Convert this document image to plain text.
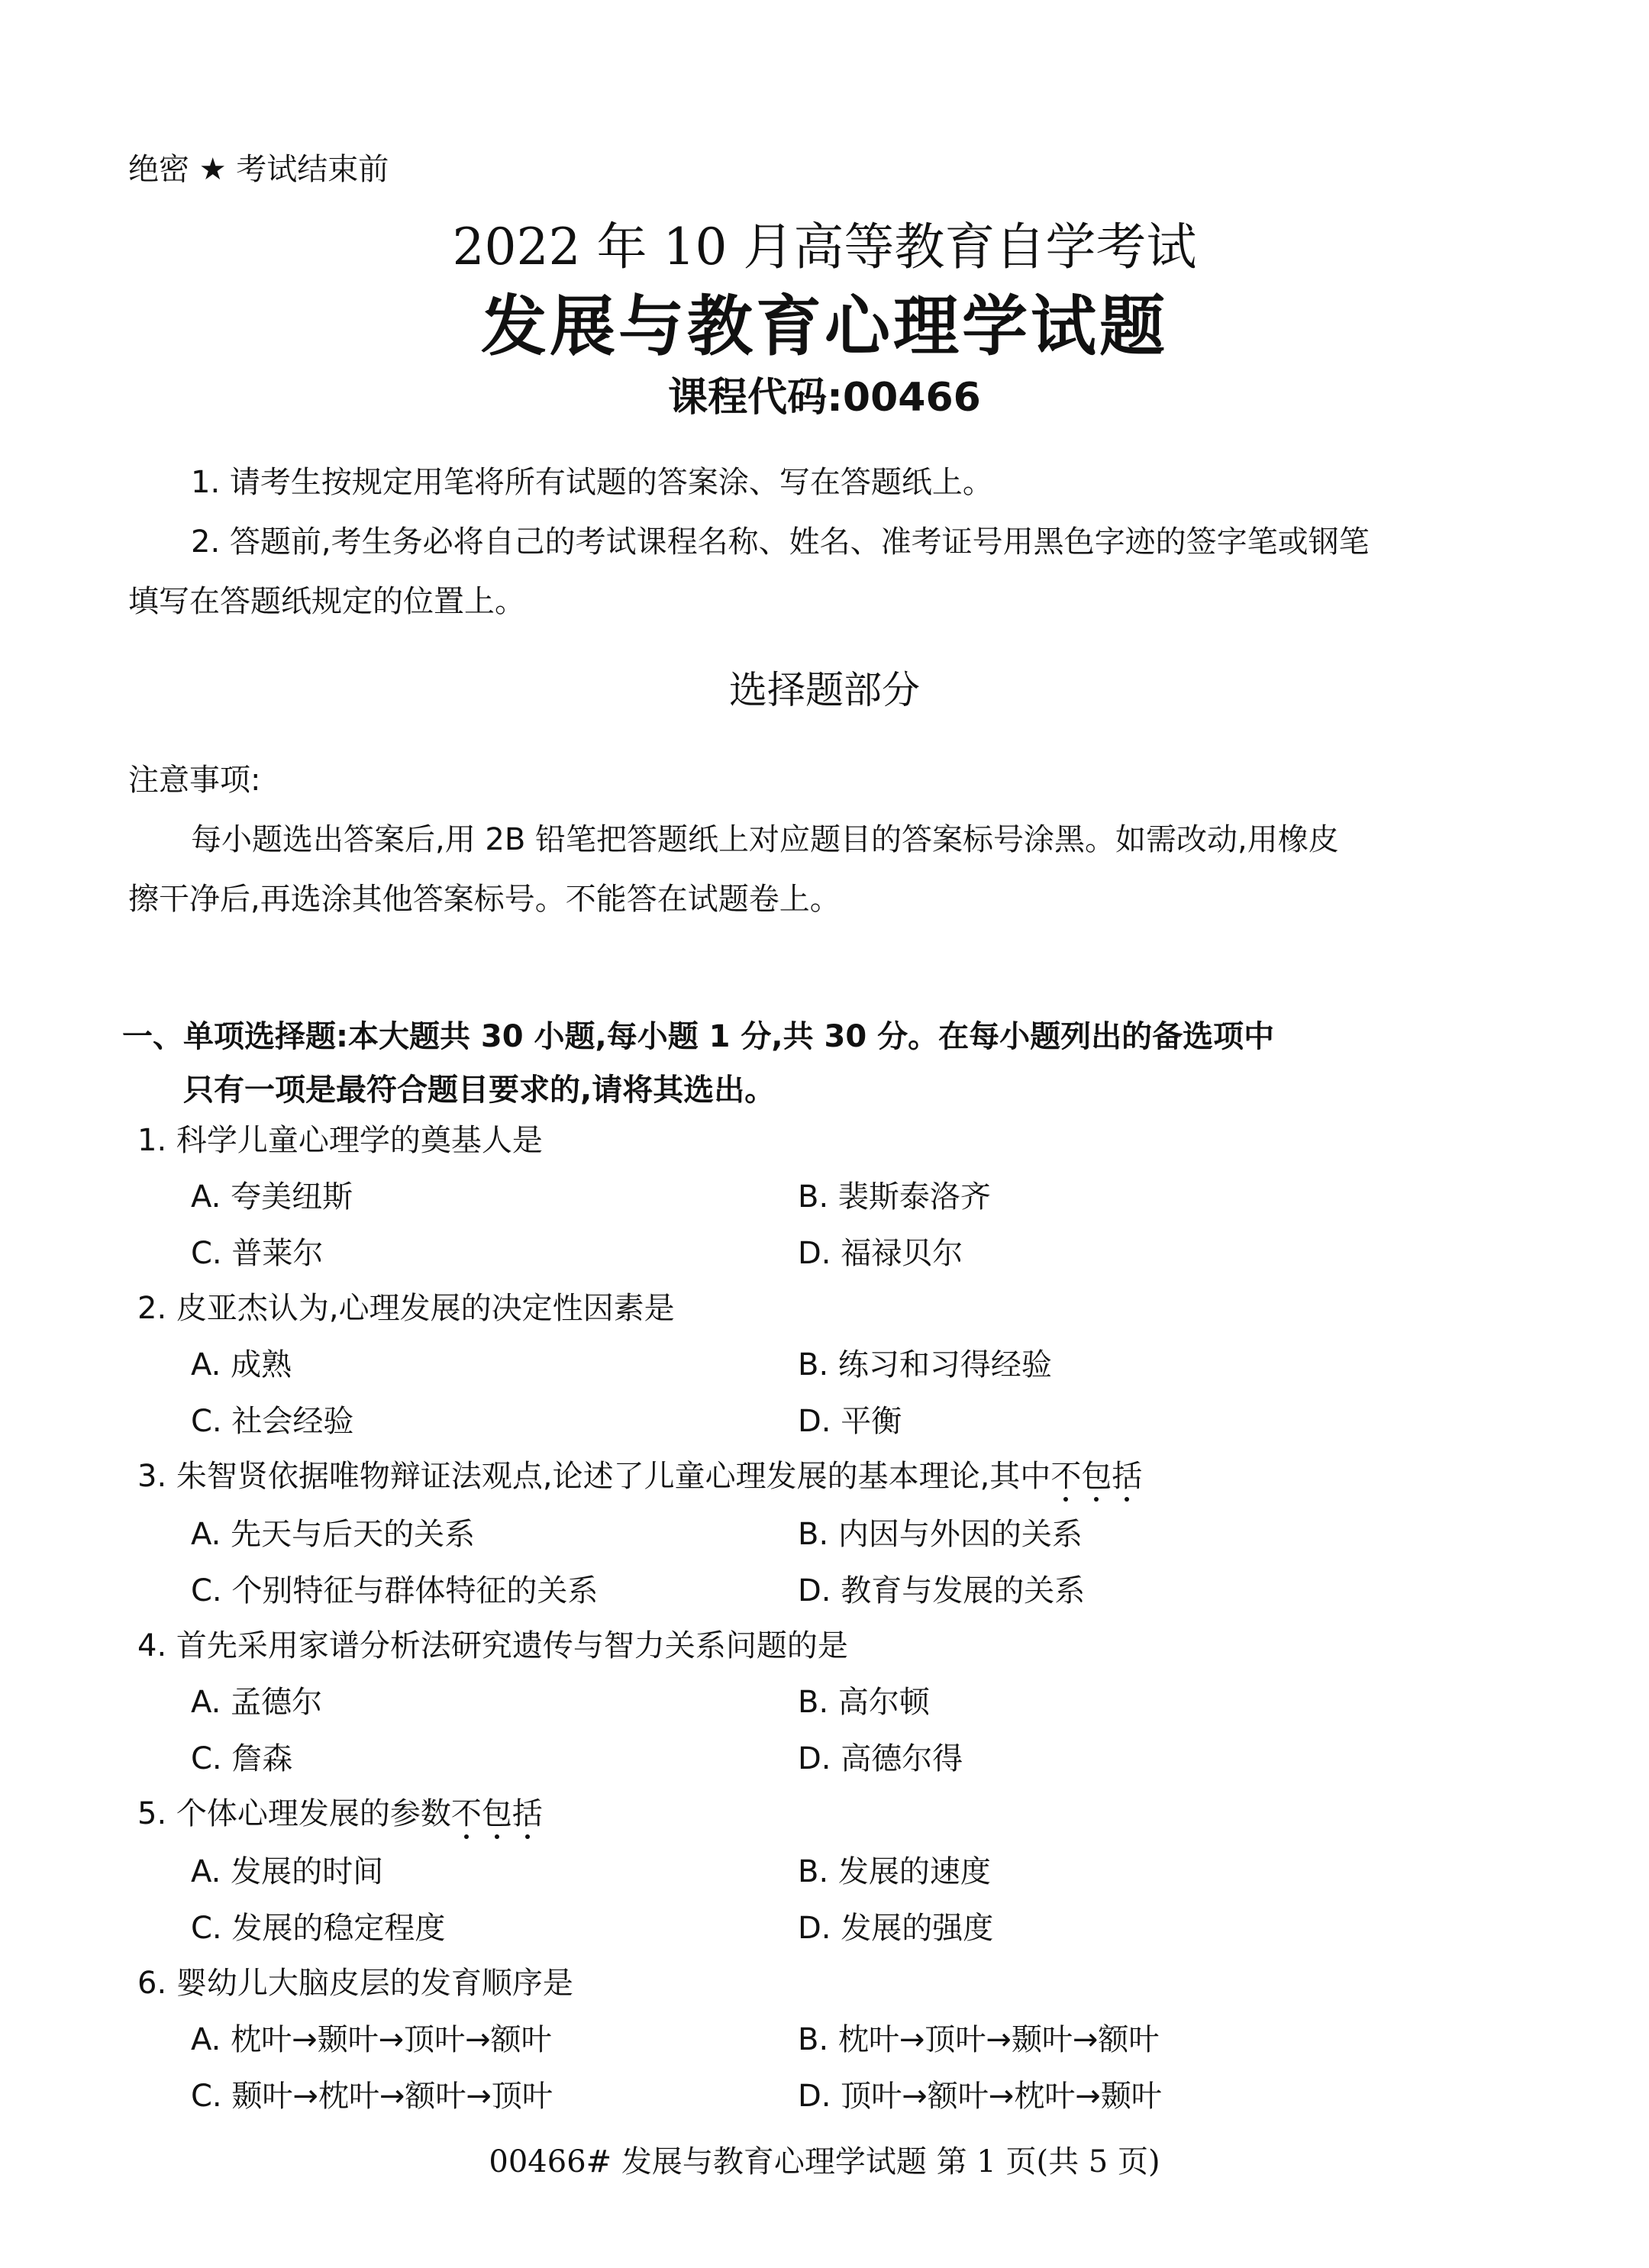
绝密 ★ 考试结束前
2022 年 10 月高等教育自学考试
发展与教育心理学试题
课程代码:00466
1. 请考生按规定用笔将所有试题的答案涂、写在答题纸上。
2. 答题前,考生务必将自己的考试课程名称、姓名、准考证号用黑色字迹的签字笔或钢笔
填写在答题纸规定的位置上。
选择题部分
注意事项:
每小题选出答案后,用 2B 铅笔把答题纸上对应题目的答案标号涂黑。如需改动,用橡皮
擦干净后,再选涂其他答案标号。不能答在试题卷上。
一、单项选择题:本大题共 30 小题,每小题 1 分,共 30 分。在每小题列出的备选项中
只有一项是最符合题目要求的,请将其选出。
1. 科学儿童心理学的奠基人是
A. 夸美纽斯	B. 裴斯泰洛齐
C. 普莱尔	D. 福禄贝尔
2. 皮亚杰认为,心理发展的决定性因素是
A. 成熟	B. 练习和习得经验
C. 社会经验	D. 平衡
3. 朱智贤依据唯物辩证法观点,论述了儿童心理发展的基本理论,其中不包括
A. 先天与后天的关系	B. 内因与外因的关系
C. 个别特征与群体特征的关系	D. 教育与发展的关系
4. 首先采用家谱分析法研究遗传与智力关系问题的是
A. 孟德尔	B. 高尔顿
C. 詹森	D. 高德尔得
5. 个体心理发展的参数不包括
A. 发展的时间	B. 发展的速度
C. 发展的稳定程度	D. 发展的强度
6. 婴幼儿大脑皮层的发育顺序是
A. 枕叶→颞叶→顶叶→额叶	B. 枕叶→顶叶→颞叶→额叶
C. 颞叶→枕叶→额叶→顶叶	D. 顶叶→额叶→枕叶→颞叶
00466# 发展与教育心理学试题 第 1 页(共 5 页)
